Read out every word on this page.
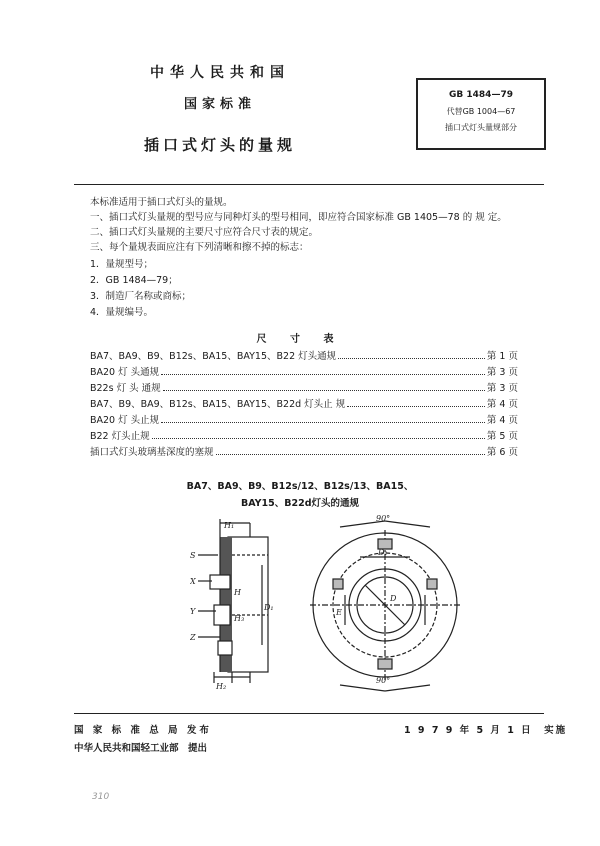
中华人民共和国
国家标准
插口式灯头的量规
GB 1484—79
代替GB 1004—67
插口式灯头量规部分
本标准适用于插口式灯头的量规。
一、插口式灯头量规的型号应与同种灯头的型号相同，即应符合国家标准 GB 1405—78 的 规 定。
二、插口式灯头量规的主要尺寸应符合尺寸表的规定。
三、每个量规表面应注有下列清晰和擦不掉的标志：
1．量规型号；
2．GB 1484—79；
3．制造厂名称或商标；
4．量规编号。
尺 寸 表
BA7、BA9、B9、B12s、BA15、BAY15、B22 灯头通规	第 1 页
BA20 灯 头通规	第 3 页
B22s 灯 头 通规	第 3 页
BA7、B9、BA9、B12s、BA15、BAY15、B22d 灯头止 规	第 4 页
BA20 灯 头止规	第 4 页
B22 灯头止规	第 5 页
插口式灯头玻璃基深度的塞规	第 6 页
BA7、BA9、B9、B12s/12、B12s/13、BA15、
BAY15、B22d灯头的通规
H₁
S
X
Y
Z
H
H₃
D₁
H₂
90°
90°
D₁
D
E
国 家 标 准 总 局 发布
中华人民共和国轻工业部　提出
1 9 7 9 年 5 月 1 日　实施
310
